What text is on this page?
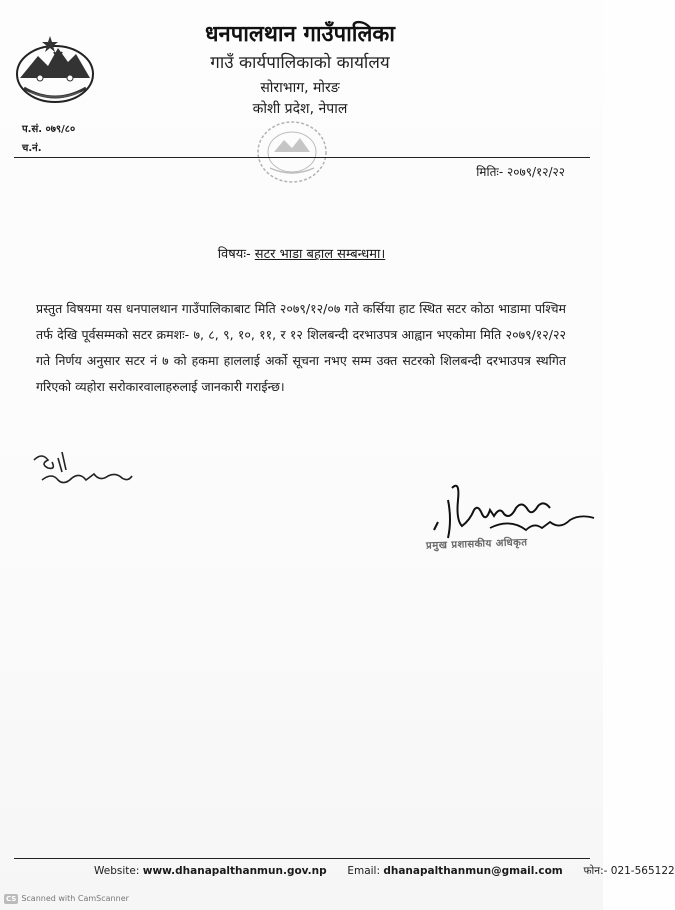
धनपालथान गाउँपालिका
गाउँ कार्यपालिकाको कार्यालय
सोराभाग, मोरङ
कोशी प्रदेश, नेपाल
प.सं. ०७९/८०
च.नं.
मितिः- २०७९/१२/२२
विषयः- सटर भाडा बहाल सम्बन्धमा।
प्रस्तुत विषयमा यस धनपालथान गाउँपालिकाबाट मिति २०७९/१२/०७ गते कर्सिया हाट स्थित सटर कोठा भाडामा पश्चिम तर्फ देखि पूर्वसम्मको सटर क्रमशः- ७, ८, ९, १०, ११, र १२ शिलबन्दी दरभाउपत्र आह्वान भएकोमा मिति २०७९/१२/२२ गते निर्णय अनुसार सटर नं ७ को हकमा हाललाई अर्को सूचना नभए सम्म उक्त सटरको शिलबन्दी दरभाउपत्र स्थगित गरिएको व्यहोरा सरोकारवालाहरुलाई जानकारी गराईन्छ।
प्रमुख प्रशासकीय अधिकृत
Website: www.dhanapalthanmun.gov.np Email: dhanapalthanmun@gmail.com फोन:- 021-565122
CS Scanned with CamScanner
